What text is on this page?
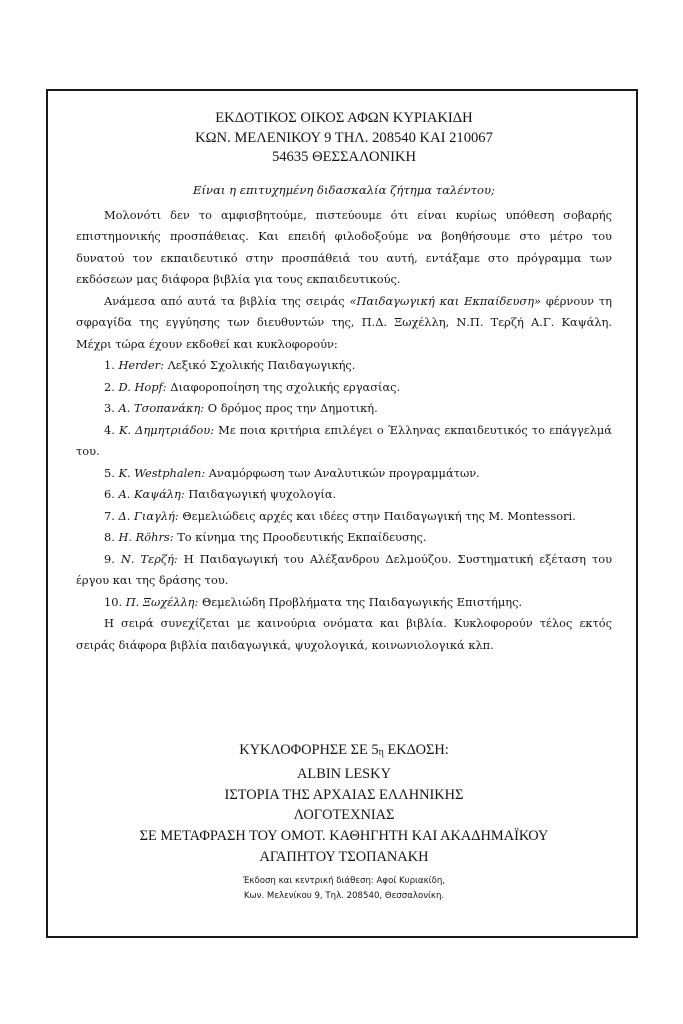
ΕΚΔΟΤΙΚΟΣ ΟΙΚΟΣ ΑΦΩΝ ΚΥΡΙΑΚΙΔΗ
ΚΩΝ. ΜΕΛΕΝΙΚΟΥ 9 ΤΗΛ. 208540 ΚΑΙ 210067
54635 ΘΕΣΣΑΛΟΝΙΚΗ
Είναι η επιτυχημένη διδασκαλία ζήτημα ταλέντου;
Μολονότι δεν το αμφισβητούμε, πιστεύουμε ότι είναι κυρίως υπόθεση σοβαρής επιστημονικής προσπάθειας. Και επειδή φιλοδοξούμε να βοηθήσουμε στο μέτρο του δυνατού τον εκπαιδευτικό στην προσπάθειά του αυτή, εντάξαμε στο πρόγραμμα των εκδόσεων μας διάφορα βιβλία για τους εκπαιδευτικούς.
Ανάμεσα από αυτά τα βιβλία της σειράς «Παιδαγωγική και Εκπαίδευση» φέρνουν τη σφραγίδα της εγγύησης των διευθυντών της, Π.Δ. Ξωχέλλη, Ν.Π. Τερζή Α.Γ. Καψάλη. Μέχρι τώρα έχουν εκδοθεί και κυκλοφορούν:
1. Herder: Λεξικό Σχολικής Παιδαγωγικής.
2. D. Hopf: Διαφοροποίηση της σχολικής εργασίας.
3. Α. Τσοπανάκη: Ο δρόμος προς την Δημοτική.
4. Κ. Δημητριάδου: Με ποια κριτήρια επιλέγει ο Έλληνας εκπαιδευτικός το επάγγελμά του.
5. K. Westphalen: Αναμόρφωση των Αναλυτικών προγραμμάτων.
6. Α. Καψάλη: Παιδαγωγική ψυχολογία.
7. Δ. Γιαγλή: Θεμελιώδεις αρχές και ιδέες στην Παιδαγωγική της M. Montessori.
8. H. Röhrs: Το κίνημα της Προοδευτικής Εκπαίδευσης.
9. Ν. Τερζή: Η Παιδαγωγική του Αλέξανδρου Δελμούζου. Συστηματική εξέταση του έργου και της δράσης του.
10. Π. Ξωχέλλη: Θεμελιώδη Προβλήματα της Παιδαγωγικής Επιστήμης.
Η σειρά συνεχίζεται με καινούρια ονόματα και βιβλία. Κυκλοφορούν τέλος εκτός σειράς διάφορα βιβλία παιδαγωγικά, ψυχολογικά, κοινωνιολογικά κλπ.
ΚΥΚΛΟΦΟΡΗΣΕ ΣΕ 5η ΕΚΔΟΣΗ:
ALBIN LESKY
ΙΣΤΟΡΙΑ ΤΗΣ ΑΡΧΑΙΑΣ ΕΛΛΗΝΙΚΗΣ
ΛΟΓΟΤΕΧΝΙΑΣ
ΣΕ ΜΕΤΑΦΡΑΣΗ ΤΟΥ ΟΜΟΤ. ΚΑΘΗΓΗΤΗ ΚΑΙ ΑΚΑΔΗΜΑΪΚΟΥ
ΑΓΑΠΗΤΟΥ ΤΣΟΠΑΝΑΚΗ
Έκδοση και κεντρική διάθεση: Αφοί Κυριακίδη,
Κων. Μελενίκου 9, Τηλ. 208540, Θεσσαλονίκη.
